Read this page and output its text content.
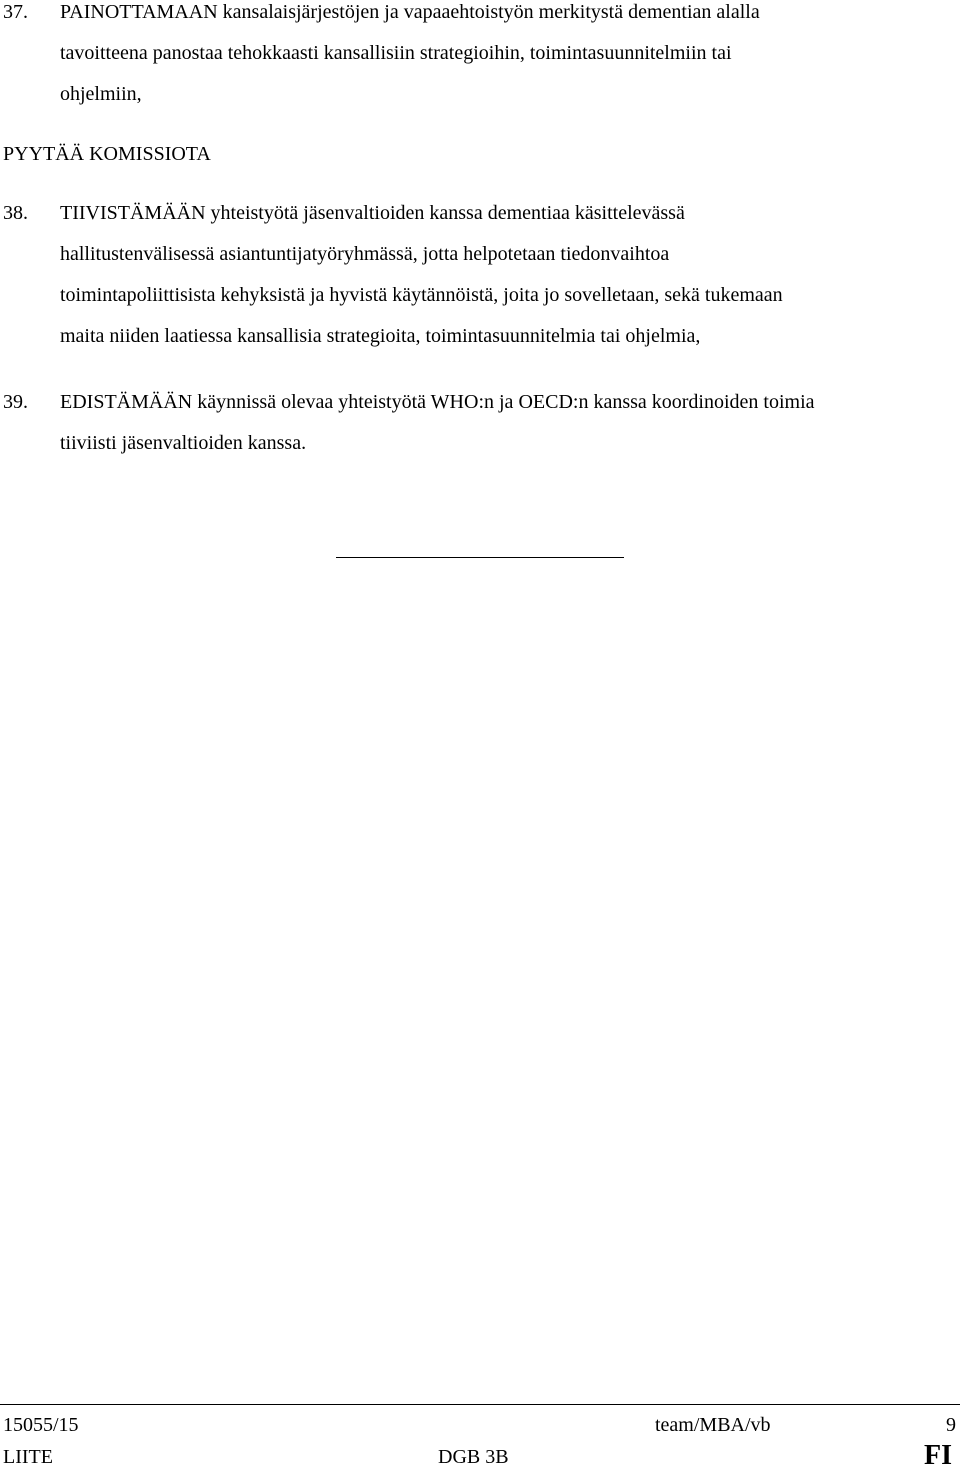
37. PAINOTTAMAAN kansalaisjärjestöjen ja vapaaehtoistyön merkitystä dementian alalla
tavoitteena panostaa tehokkaasti kansallisiin strategioihin, toimintasuunnitelmiin tai
ohjelmiin,
PYYTÄÄ KOMISSIOTA
38. TIIVISTÄMÄÄN yhteistyötä jäsenvaltioiden kanssa dementiaa käsittelevässä
hallitustenvälisessä asiantuntijatyöryhmässä, jotta helpotetaan tiedonvaihtoa
toimintapoliittisista kehyksistä ja hyvistä käytännöistä, joita jo sovelletaan, sekä tukemaan
maita niiden laatiessa kansallisia strategioita, toimintasuunnitelmia tai ohjelmia,
39. EDISTÄMÄÄN käynnissä olevaa yhteistyötä WHO:n ja OECD:n kanssa koordinoiden toimia
tiiviisti jäsenvaltioiden kanssa.
15055/15	team/MBA/vb	9
LIITE	DGB 3B	FI
